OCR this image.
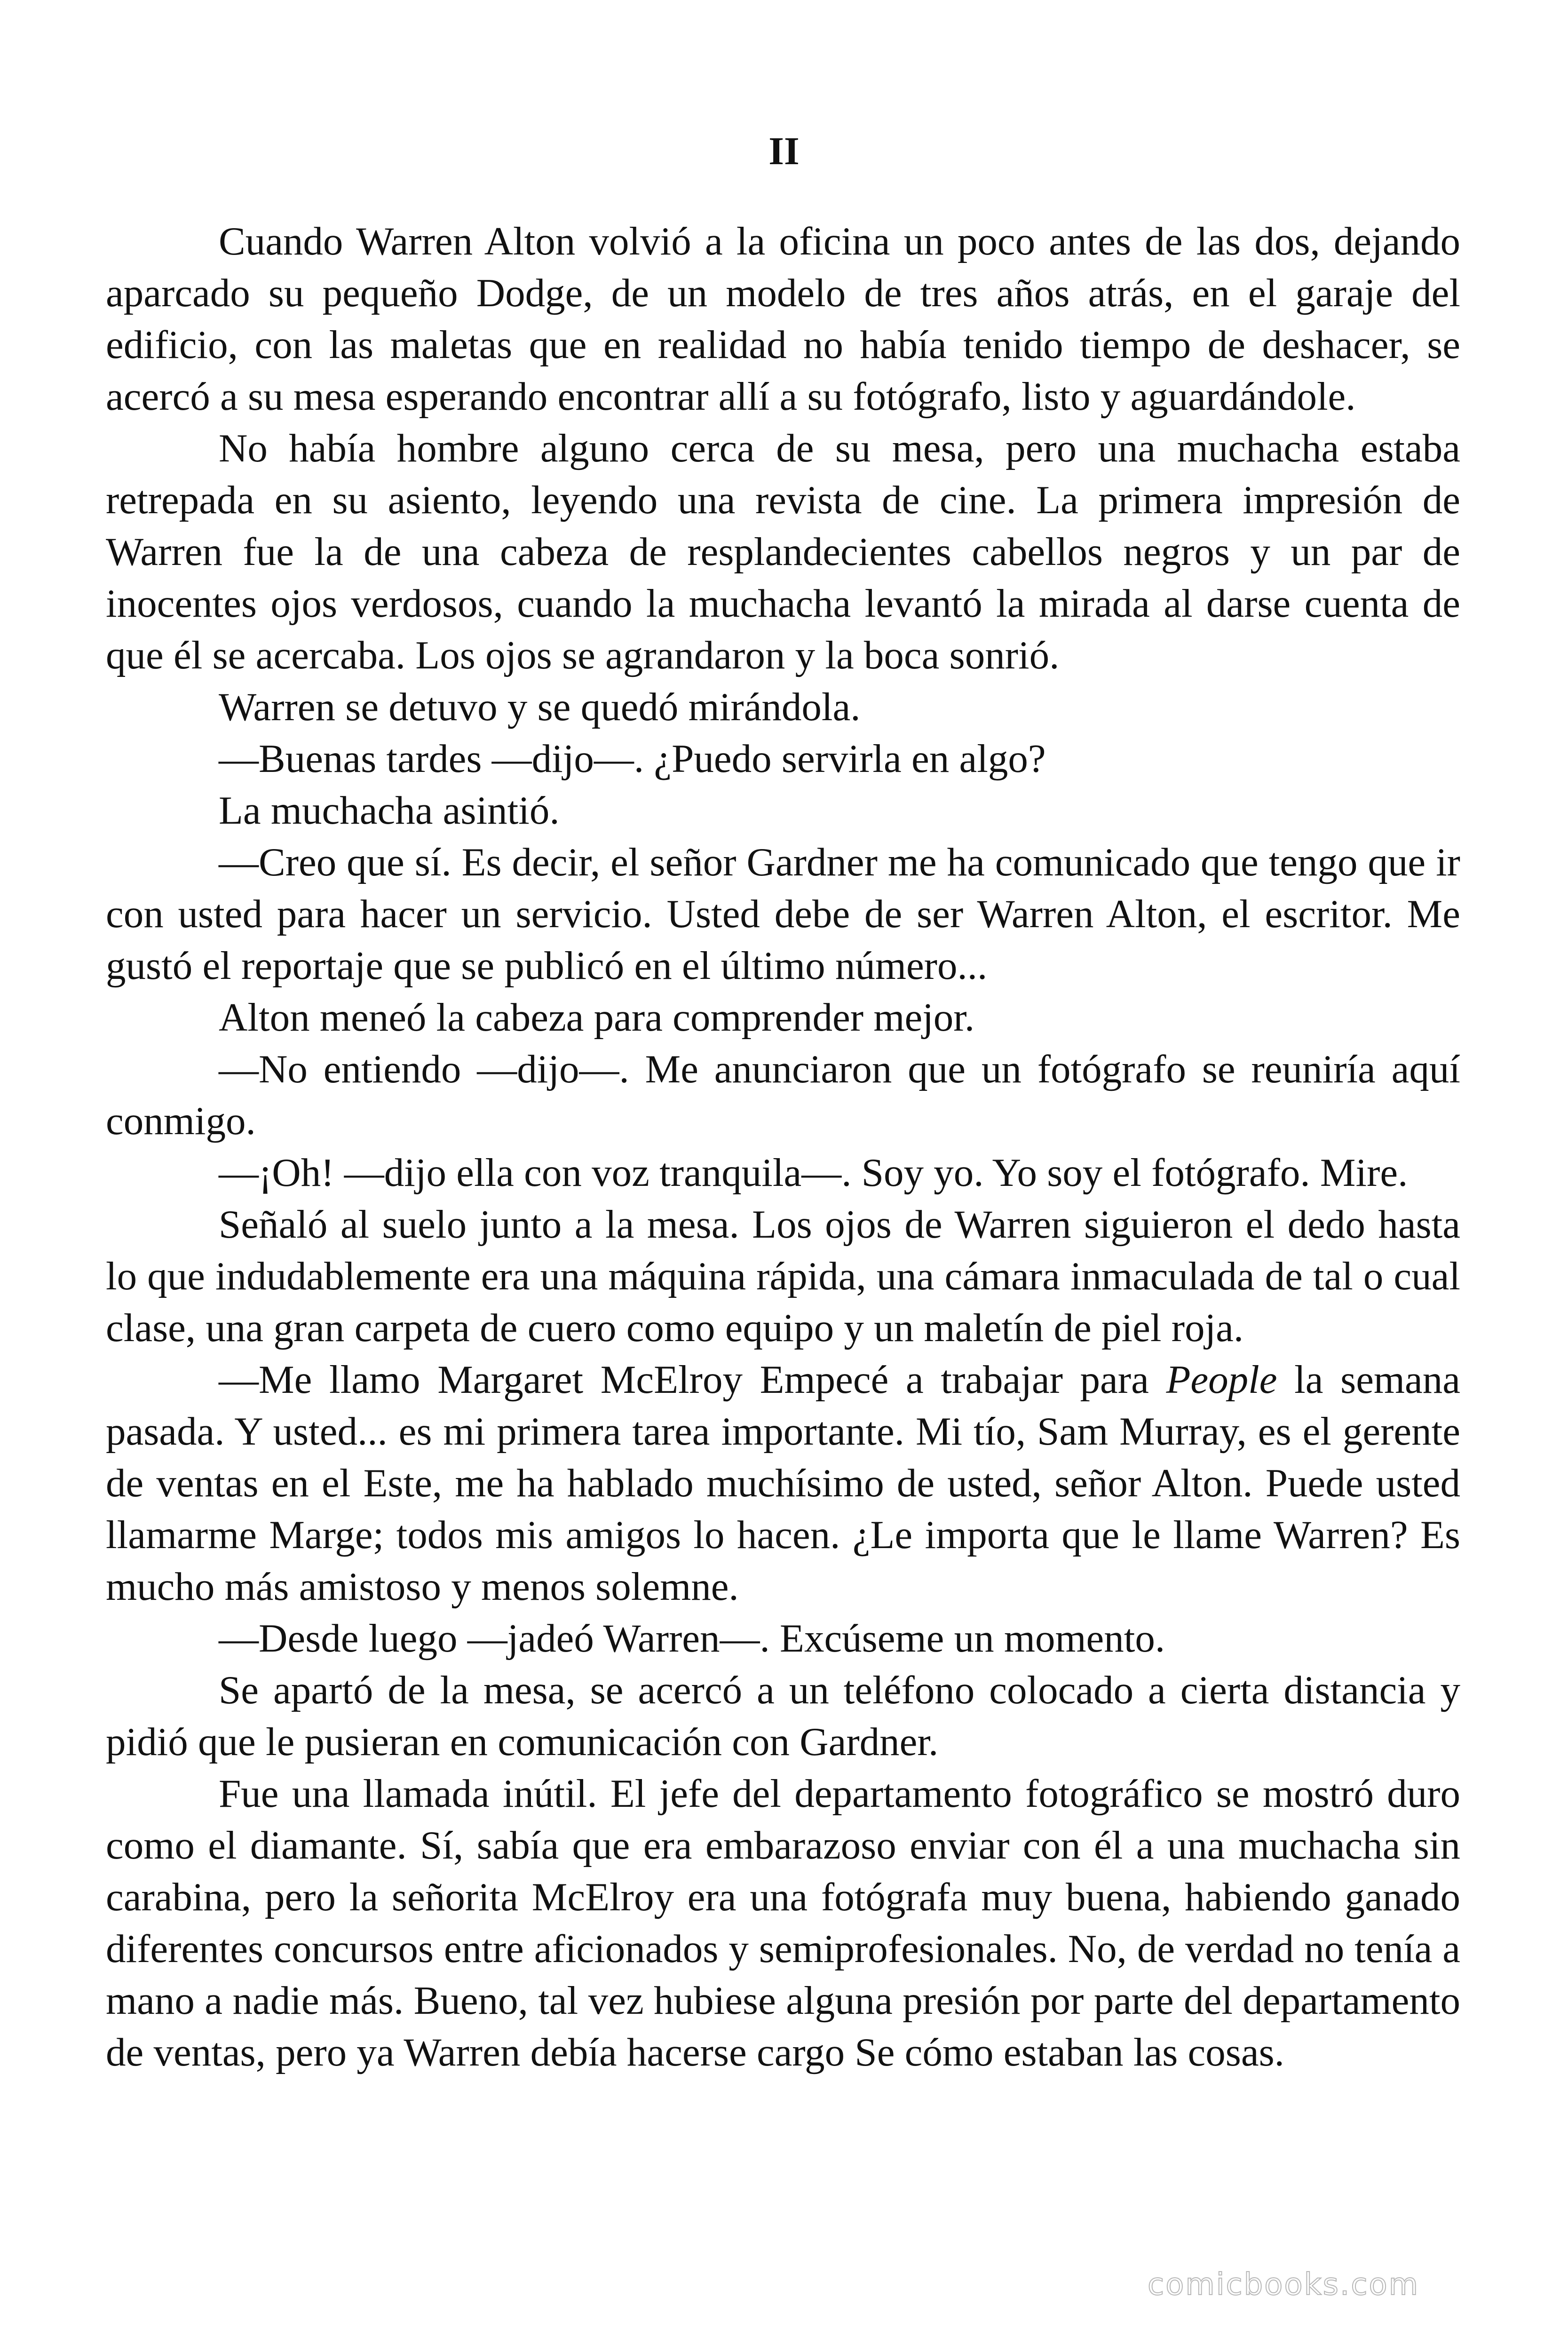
II

Cuando Warren Alton volvió a la oficina un poco antes de las dos, dejando aparcado su pequeño Dodge, de un modelo de tres años atrás, en el garaje del edificio, con las maletas que en realidad no había tenido tiempo de deshacer, se acercó a su mesa esperando encontrar allí a su fotógrafo, listo y aguardándole.

No había hombre alguno cerca de su mesa, pero una muchacha estaba retrepada en su asiento, leyendo una revista de cine. La primera impresión de Warren fue la de una cabeza de resplandecientes cabellos negros y un par de inocentes ojos verdosos, cuando la muchacha levantó la mirada al darse cuenta de que él se acercaba. Los ojos se agrandaron y la boca sonrió.

Warren se detuvo y se quedó mirándola.

—Buenas tardes —dijo—. ¿Puedo servirla en algo?

La muchacha asintió.

—Creo que sí. Es decir, el señor Gardner me ha comunicado que tengo que ir con usted para hacer un servicio. Usted debe de ser Warren Alton, el escritor. Me gustó el reportaje que se publicó en el último número...

Alton meneó la cabeza para comprender mejor.

—No entiendo —dijo—. Me anunciaron que un fotógrafo se reuniría aquí conmigo.

—¡Oh! —dijo ella con voz tranquila—. Soy yo. Yo soy el fotógrafo. Mire.

Señaló al suelo junto a la mesa. Los ojos de Warren siguieron el dedo hasta lo que indudablemente era una máquina rápida, una cámara inmaculada de tal o cual clase, una gran carpeta de cuero como equipo y un maletín de piel roja.

—Me llamo Margaret McElroy Empecé a trabajar para People la semana pasada. Y usted... es mi primera tarea importante. Mi tío, Sam Murray, es el gerente de ventas en el Este, me ha hablado muchísimo de usted, señor Alton. Puede usted llamarme Marge; todos mis amigos lo hacen. ¿Le importa que le llame Warren? Es mucho más amistoso y menos solemne.

—Desde luego —jadeó Warren—. Excúseme un momento.

Se apartó de la mesa, se acercó a un teléfono colocado a cierta distancia y pidió que le pusieran en comunicación con Gardner.

Fue una llamada inútil. El jefe del departamento fotográfico se mostró duro como el diamante. Sí, sabía que era embarazoso enviar con él a una muchacha sin carabina, pero la señorita McElroy era una fotógrafa muy buena, habiendo ganado diferentes concursos entre aficionados y semiprofesionales. No, de verdad no tenía a mano a nadie más. Bueno, tal vez hubiese alguna presión por parte del departamento de ventas, pero ya Warren debía hacerse cargo Se cómo estaban las cosas.

comicbooks.com
